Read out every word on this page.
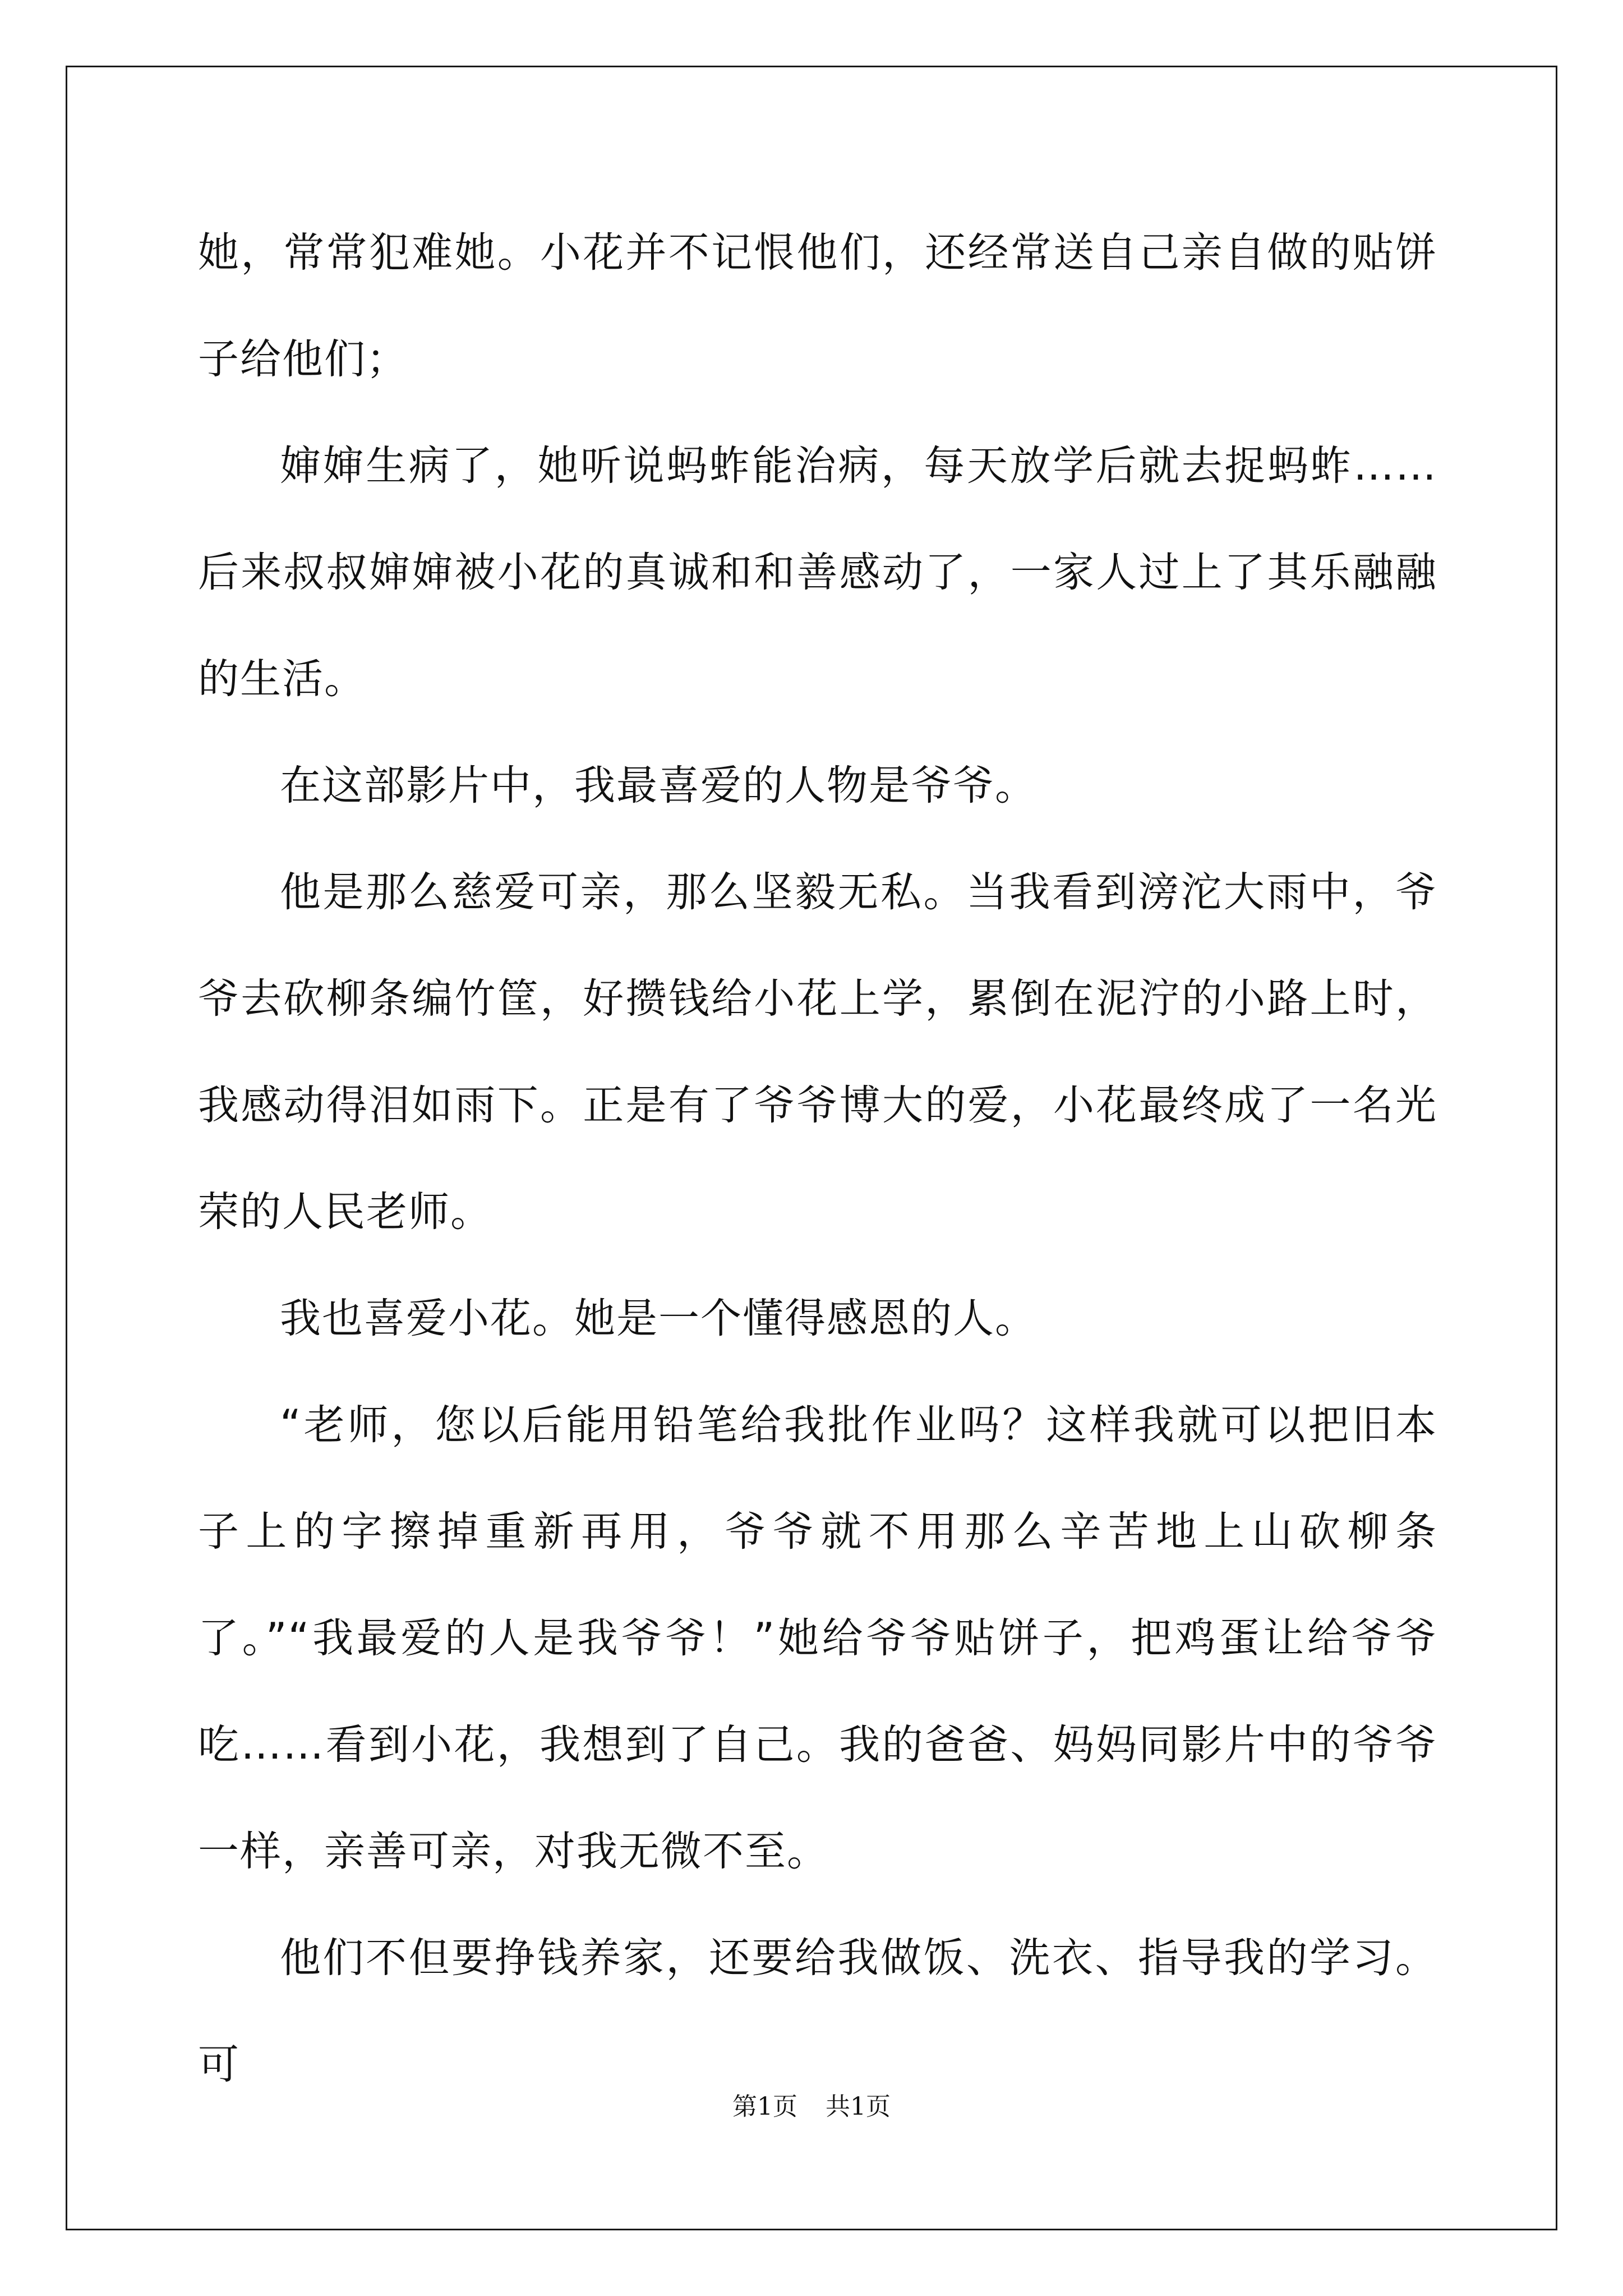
她，常常犯难她。小花并不记恨他们，还经常送自己亲自做的贴饼子给他们；

婶婶生病了，她听说蚂蚱能治病，每天放学后就去捉蚂蚱……后来叔叔婶婶被小花的真诚和和善感动了，一家人过上了其乐融融的生活。

在这部影片中，我最喜爱的人物是爷爷。

他是那么慈爱可亲，那么坚毅无私。当我看到滂沱大雨中，爷爷去砍柳条编竹筐，好攒钱给小花上学，累倒在泥泞的小路上时，我感动得泪如雨下。正是有了爷爷博大的爱，小花最终成了一名光荣的人民老师。

我也喜爱小花。她是一个懂得感恩的人。

“老师，您以后能用铅笔给我批作业吗？这样我就可以把旧本子上的字擦掉重新再用，爷爷就不用那么辛苦地上山砍柳条了。”“我最爱的人是我爷爷！”她给爷爷贴饼子，把鸡蛋让给爷爷吃……看到小花，我想到了自己。我的爸爸、妈妈同影片中的爷爷一样，亲善可亲，对我无微不至。

他们不但要挣钱养家，还要给我做饭、洗衣、指导我的学习。可

第1页 共1页
